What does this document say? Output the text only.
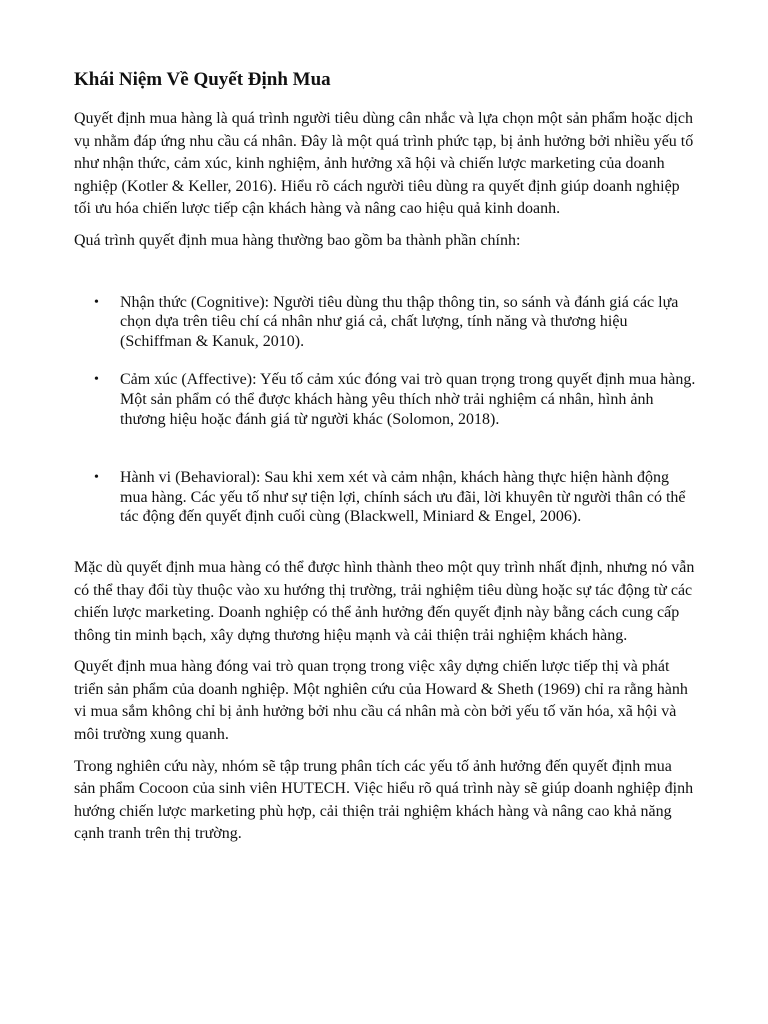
Khái Niệm Về Quyết Định Mua

Quyết định mua hàng là quá trình người tiêu dùng cân nhắc và lựa chọn một sản phẩm hoặc dịch vụ nhằm đáp ứng nhu cầu cá nhân. Đây là một quá trình phức tạp, bị ảnh hưởng bởi nhiều yếu tố như nhận thức, cảm xúc, kinh nghiệm, ảnh hưởng xã hội và chiến lược marketing của doanh nghiệp (Kotler & Keller, 2016). Hiểu rõ cách người tiêu dùng ra quyết định giúp doanh nghiệp tối ưu hóa chiến lược tiếp cận khách hàng và nâng cao hiệu quả kinh doanh.

Quá trình quyết định mua hàng thường bao gồm ba thành phần chính:

• Nhận thức (Cognitive): Người tiêu dùng thu thập thông tin, so sánh và đánh giá các lựa chọn dựa trên tiêu chí cá nhân như giá cả, chất lượng, tính năng và thương hiệu (Schiffman & Kanuk, 2010).
• Cảm xúc (Affective): Yếu tố cảm xúc đóng vai trò quan trọng trong quyết định mua hàng. Một sản phẩm có thể được khách hàng yêu thích nhờ trải nghiệm cá nhân, hình ảnh thương hiệu hoặc đánh giá từ người khác (Solomon, 2018).
• Hành vi (Behavioral): Sau khi xem xét và cảm nhận, khách hàng thực hiện hành động mua hàng. Các yếu tố như sự tiện lợi, chính sách ưu đãi, lời khuyên từ người thân có thể tác động đến quyết định cuối cùng (Blackwell, Miniard & Engel, 2006).

Mặc dù quyết định mua hàng có thể được hình thành theo một quy trình nhất định, nhưng nó vẫn có thể thay đổi tùy thuộc vào xu hướng thị trường, trải nghiệm tiêu dùng hoặc sự tác động từ các chiến lược marketing. Doanh nghiệp có thể ảnh hưởng đến quyết định này bằng cách cung cấp thông tin minh bạch, xây dựng thương hiệu mạnh và cải thiện trải nghiệm khách hàng.

Quyết định mua hàng đóng vai trò quan trọng trong việc xây dựng chiến lược tiếp thị và phát triển sản phẩm của doanh nghiệp. Một nghiên cứu của Howard & Sheth (1969) chỉ ra rằng hành vi mua sắm không chỉ bị ảnh hưởng bởi nhu cầu cá nhân mà còn bởi yếu tố văn hóa, xã hội và môi trường xung quanh.

Trong nghiên cứu này, nhóm sẽ tập trung phân tích các yếu tố ảnh hưởng đến quyết định mua sản phẩm Cocoon của sinh viên HUTECH. Việc hiểu rõ quá trình này sẽ giúp doanh nghiệp định hướng chiến lược marketing phù hợp, cải thiện trải nghiệm khách hàng và nâng cao khả năng cạnh tranh trên thị trường.
